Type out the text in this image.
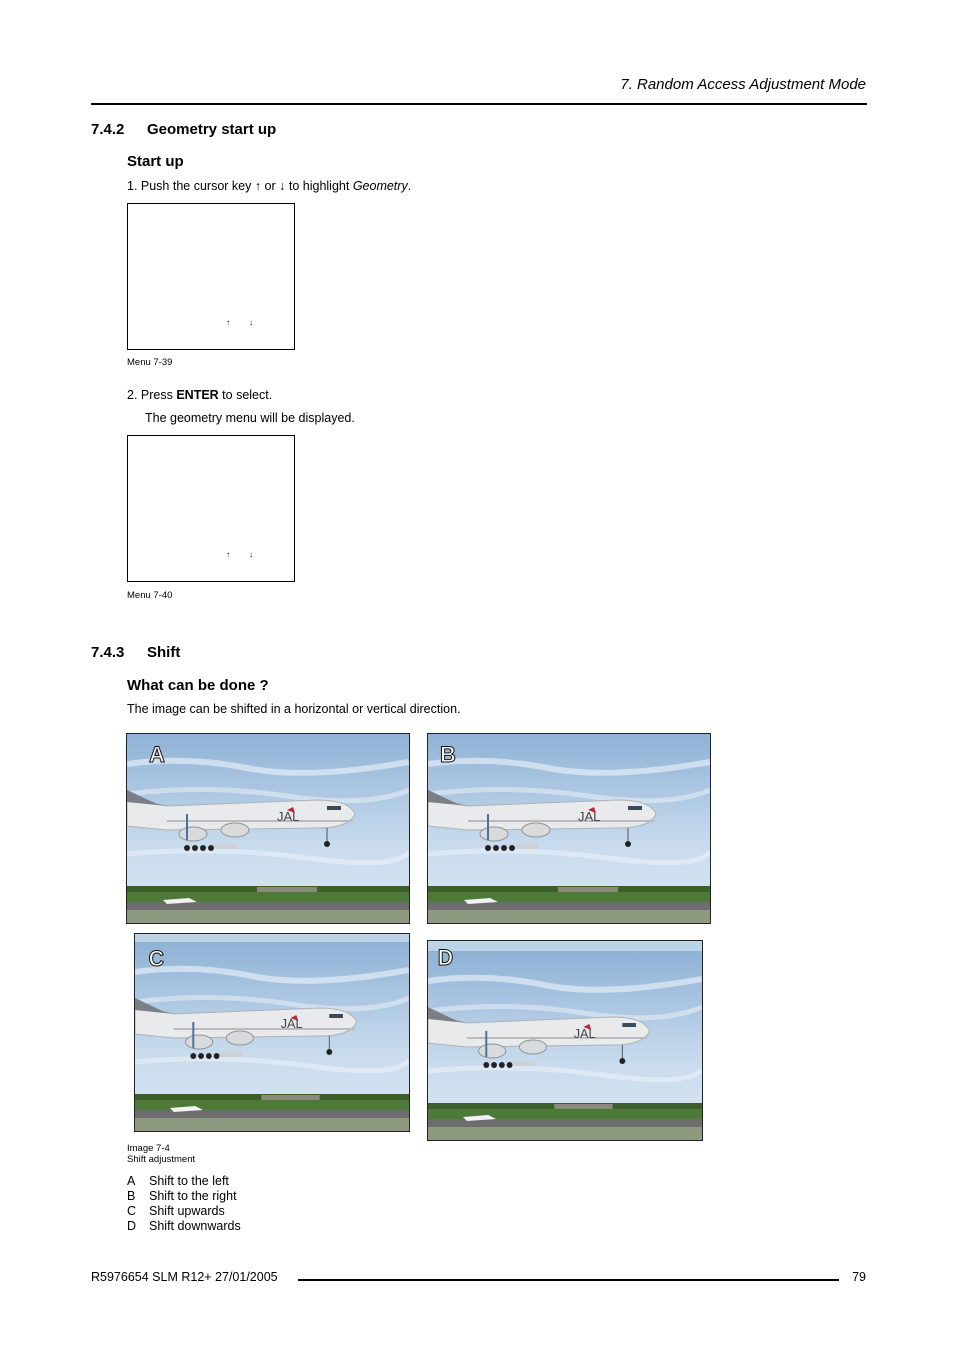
7. Random Access Adjustment Mode
7.4.2 Geometry start up
Start up
1. Push the cursor key ↑ or ↓ to highlight Geometry.
↑ ↓
Menu 7-39
2. Press ENTER to select.
The geometry menu will be displayed.
↑ ↓
Menu 7-40
7.4.3 Shift
What can be done ?
The image can be shifted in a horizontal or vertical direction.
A
JAL
B
JAL
C
JAL
D
JAL
Image 7-4
Shift adjustment
A Shift to the left
B Shift to the right
C Shift upwards
D Shift downwards
R5976654 SLM R12+ 27/01/2005	79
